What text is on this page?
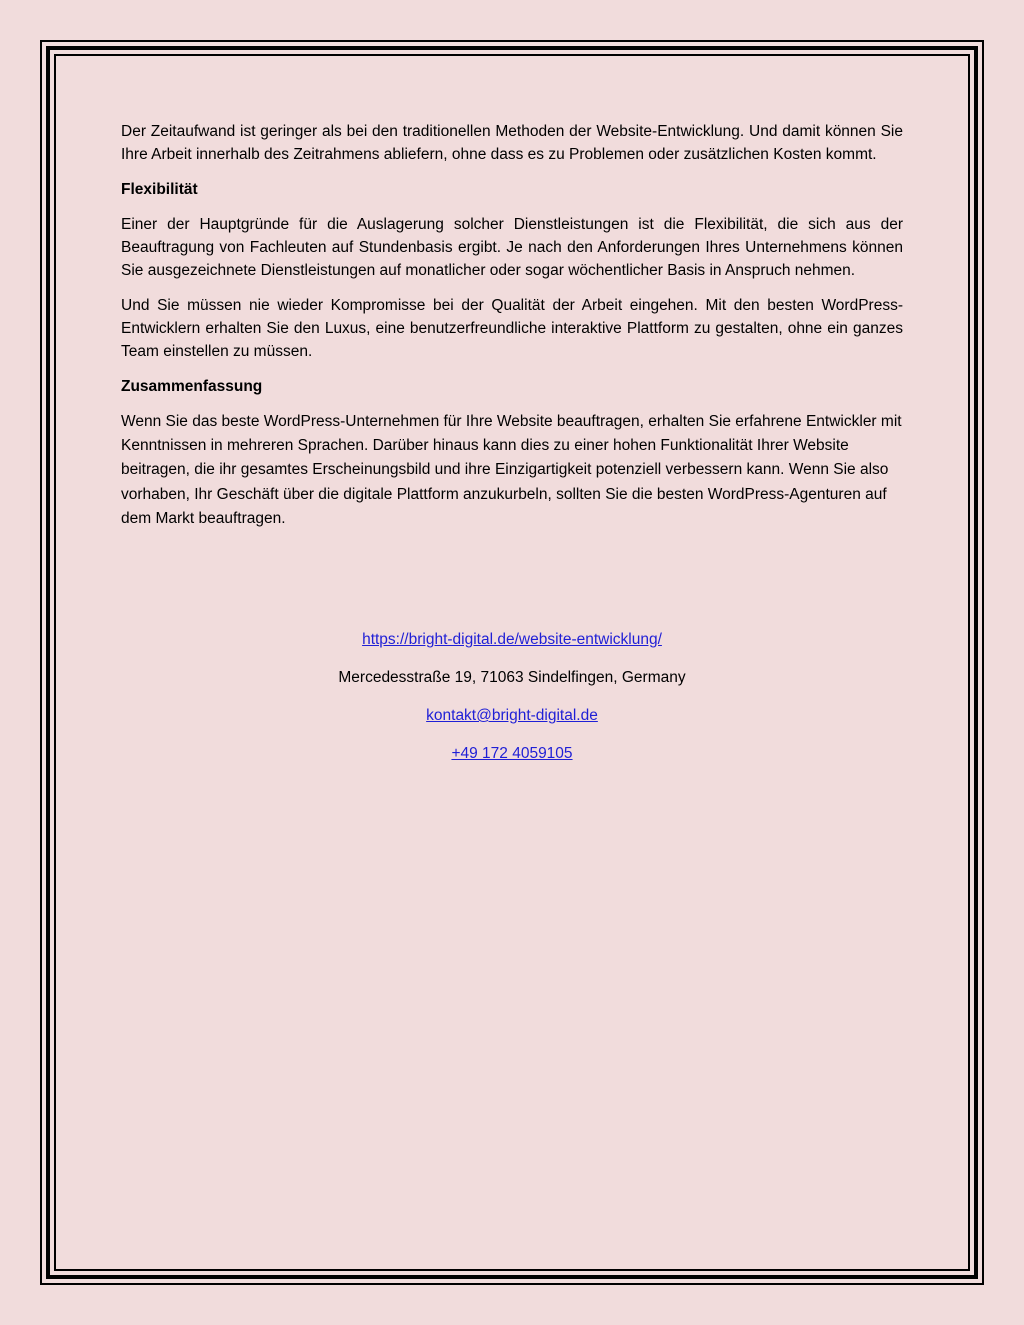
Der Zeitaufwand ist geringer als bei den traditionellen Methoden der Website-Entwicklung. Und damit können Sie Ihre Arbeit innerhalb des Zeitrahmens abliefern, ohne dass es zu Problemen oder zusätzlichen Kosten kommt.

Flexibilität

Einer der Hauptgründe für die Auslagerung solcher Dienstleistungen ist die Flexibilität, die sich aus der Beauftragung von Fachleuten auf Stundenbasis ergibt. Je nach den Anforderungen Ihres Unternehmens können Sie ausgezeichnete Dienstleistungen auf monatlicher oder sogar wöchentlicher Basis in Anspruch nehmen.

Und Sie müssen nie wieder Kompromisse bei der Qualität der Arbeit eingehen. Mit den besten WordPress-Entwicklern erhalten Sie den Luxus, eine benutzerfreundliche interaktive Plattform zu gestalten, ohne ein ganzes Team einstellen zu müssen.

Zusammenfassung

Wenn Sie das beste WordPress-Unternehmen für Ihre Website beauftragen, erhalten Sie erfahrene Entwickler mit Kenntnissen in mehreren Sprachen. Darüber hinaus kann dies zu einer hohen Funktionalität Ihrer Website beitragen, die ihr gesamtes Erscheinungsbild und ihre Einzigartigkeit potenziell verbessern kann. Wenn Sie also vorhaben, Ihr Geschäft über die digitale Plattform anzukurbeln, sollten Sie die besten WordPress-Agenturen auf dem Markt beauftragen.

https://bright-digital.de/website-entwicklung/
Mercedesstraße 19, 71063 Sindelfingen, Germany
kontakt@bright-digital.de
+49 172 4059105
